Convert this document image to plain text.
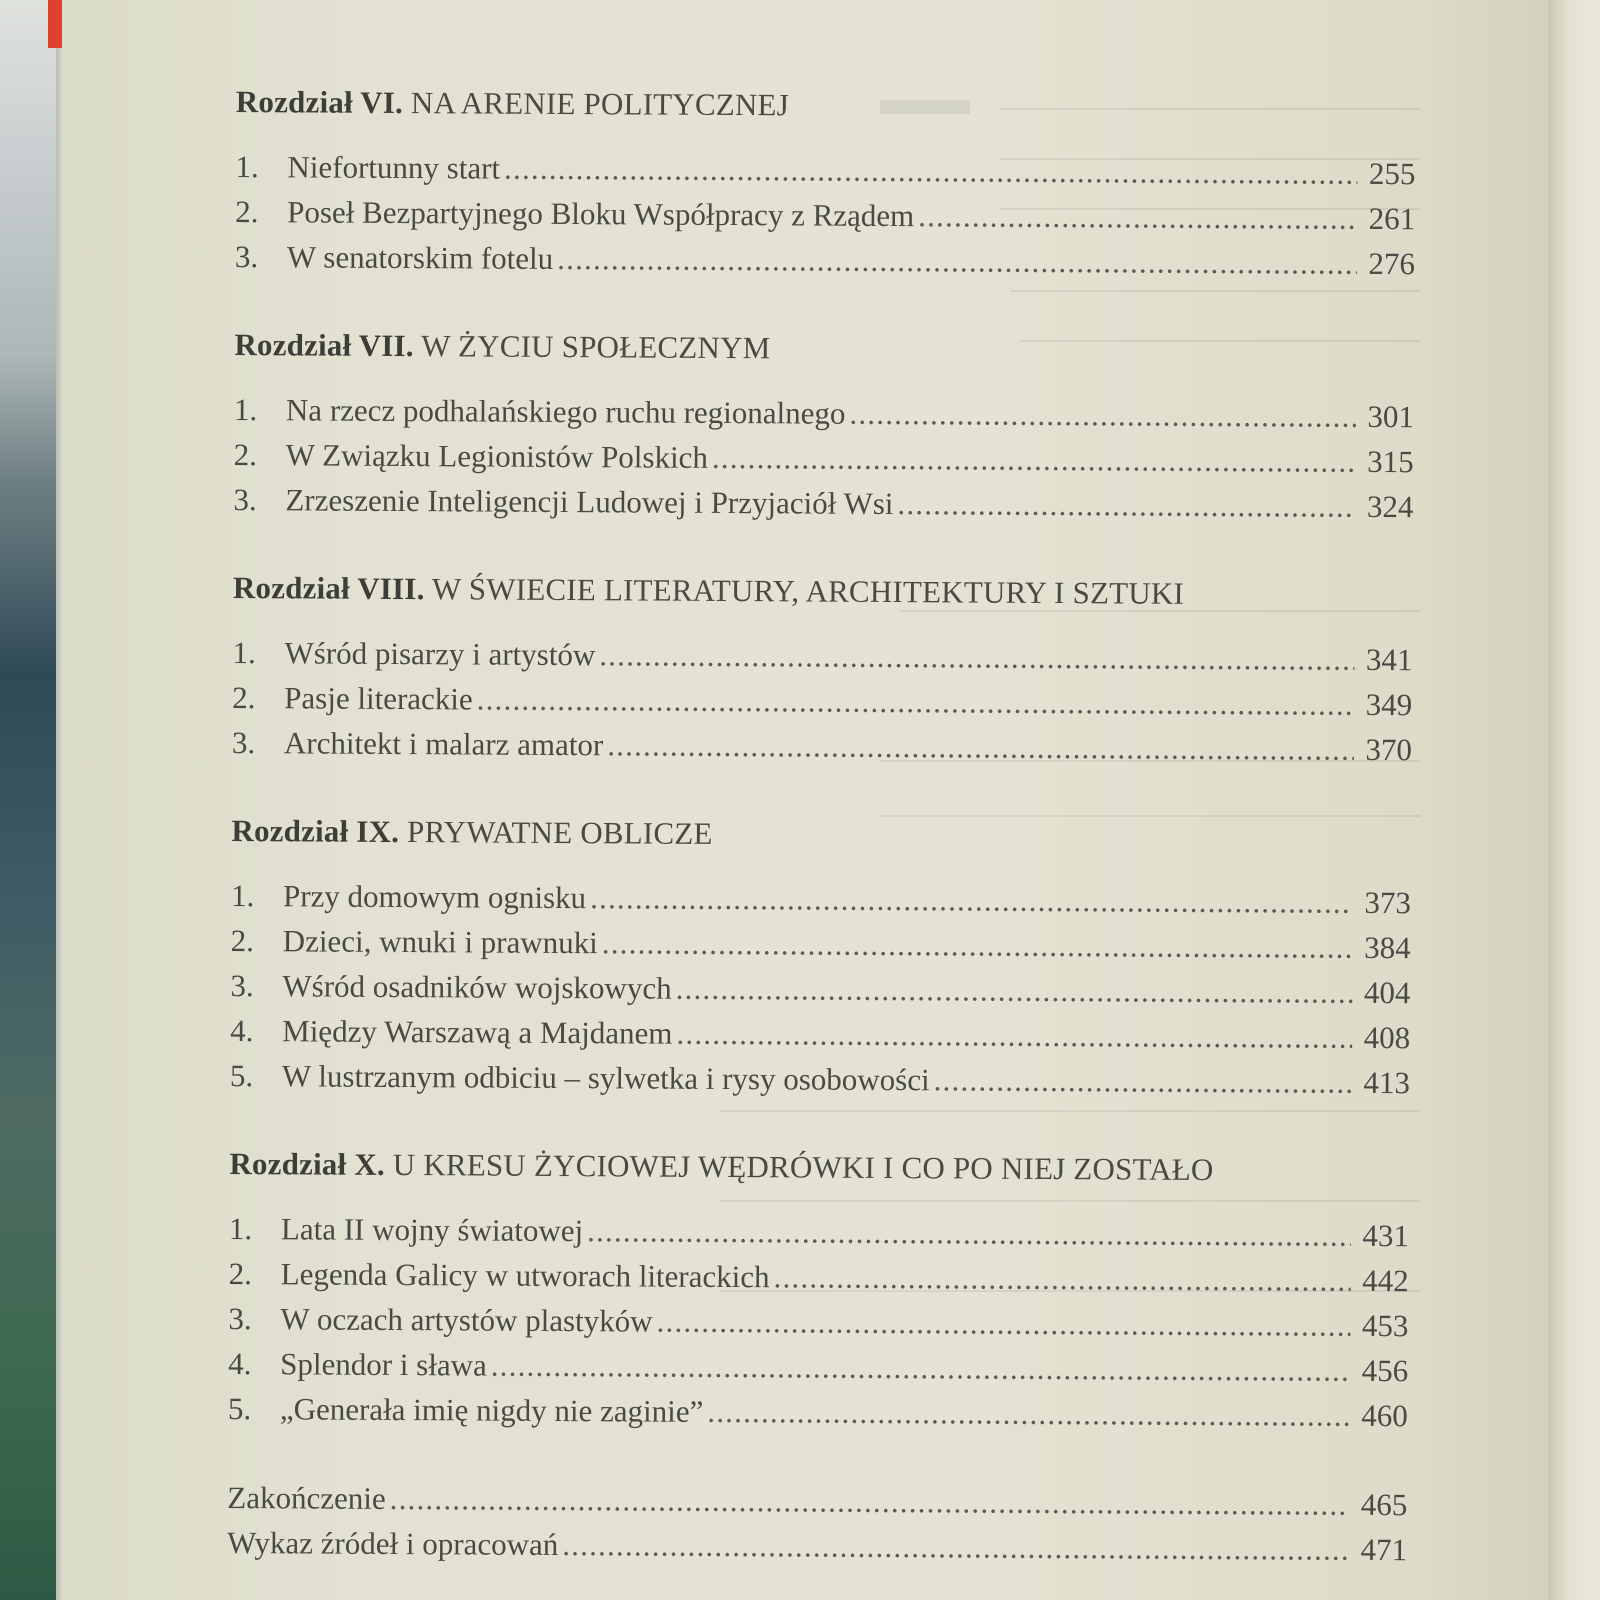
Rozdział VI. NA ARENIE POLITYCZNEJ
1. Niefortunny start .....	255
2. Poseł Bezpartyjnego Bloku Współpracy z Rządem .....	261
3. W senatorskim fotelu .....	276
Rozdział VII. W ŻYCIU SPOŁECZNYM
1. Na rzecz podhalańskiego ruchu regionalnego .....	301
2. W Związku Legionistów Polskich .....	315
3. Zrzeszenie Inteligencji Ludowej i Przyjaciół Wsi .....	324
Rozdział VIII. W ŚWIECIE LITERATURY, ARCHITEKTURY I SZTUKI
1. Wśród pisarzy i artystów .....	341
2. Pasje literackie .....	349
3. Architekt i malarz amator .....	370
Rozdział IX. PRYWATNE OBLICZE
1. Przy domowym ognisku .....	373
2. Dzieci, wnuki i prawnuki .....	384
3. Wśród osadników wojskowych .....	404
4. Między Warszawą a Majdanem .....	408
5. W lustrzanym odbiciu – sylwetka i rysy osobowości .....	413
Rozdział X. U KRESU ŻYCIOWEJ WĘDRÓWKI I CO PO NIEJ ZOSTAŁO
1. Lata II wojny światowej .....	431
2. Legenda Galicy w utworach literackich .....	442
3. W oczach artystów plastyków .....	453
4. Splendor i sława .....	456
5. „Generała imię nigdy nie zaginie” .....	460
Zakończenie .....	465
Wykaz źródeł i opracowań .....	471
